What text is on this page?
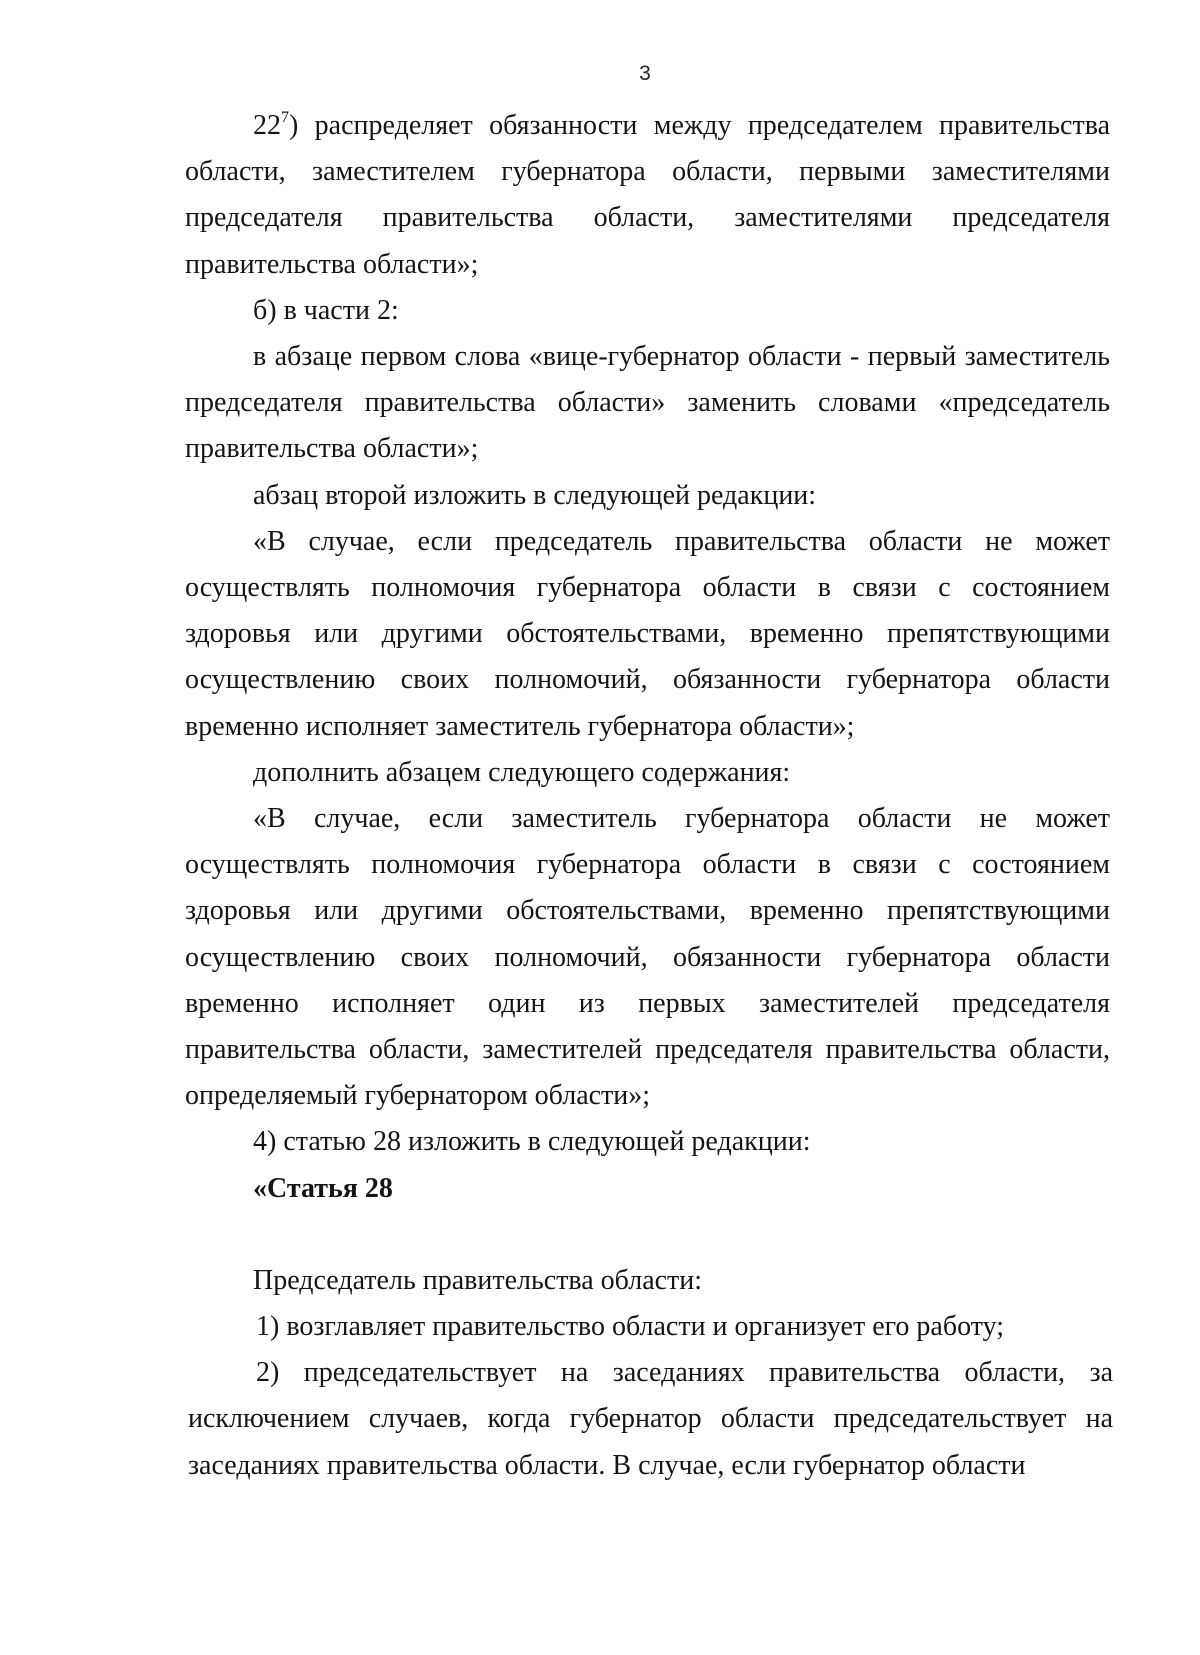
3

$22^7$) распределяет обязанности между председателем правительства области, заместителем губернатора области, первыми заместителями председателя правительства области, заместителями председателя правительства области»;

б) в части 2:

в абзаце первом слова «вице-губернатор области - первый заместитель председателя правительства области» заменить словами «председатель правительства области»;

абзац второй изложить в следующей редакции:

«В случае, если председатель правительства области не может осуществлять полномочия губернатора области в связи с состоянием здоровья или другими обстоятельствами, временно препятствующими осуществлению своих полномочий, обязанности губернатора области временно исполняет заместитель губернатора области»;

дополнить абзацем следующего содержания:

«В случае, если заместитель губернатора области не может осуществлять полномочия губернатора области в связи с состоянием здоровья или другими обстоятельствами, временно препятствующими осуществлению своих полномочий, обязанности губернатора области временно исполняет один из первых заместителей председателя правительства области, заместителей председателя правительства области, определяемый губернатором области»;

4) статью 28 изложить в следующей редакции:

«Статья 28

Председатель правительства области:

1) возглавляет правительство области и организует его работу;

2) председательствует на заседаниях правительства области, за исключением случаев, когда губернатор области председательствует на заседаниях правительства области. В случае, если губернатор области
